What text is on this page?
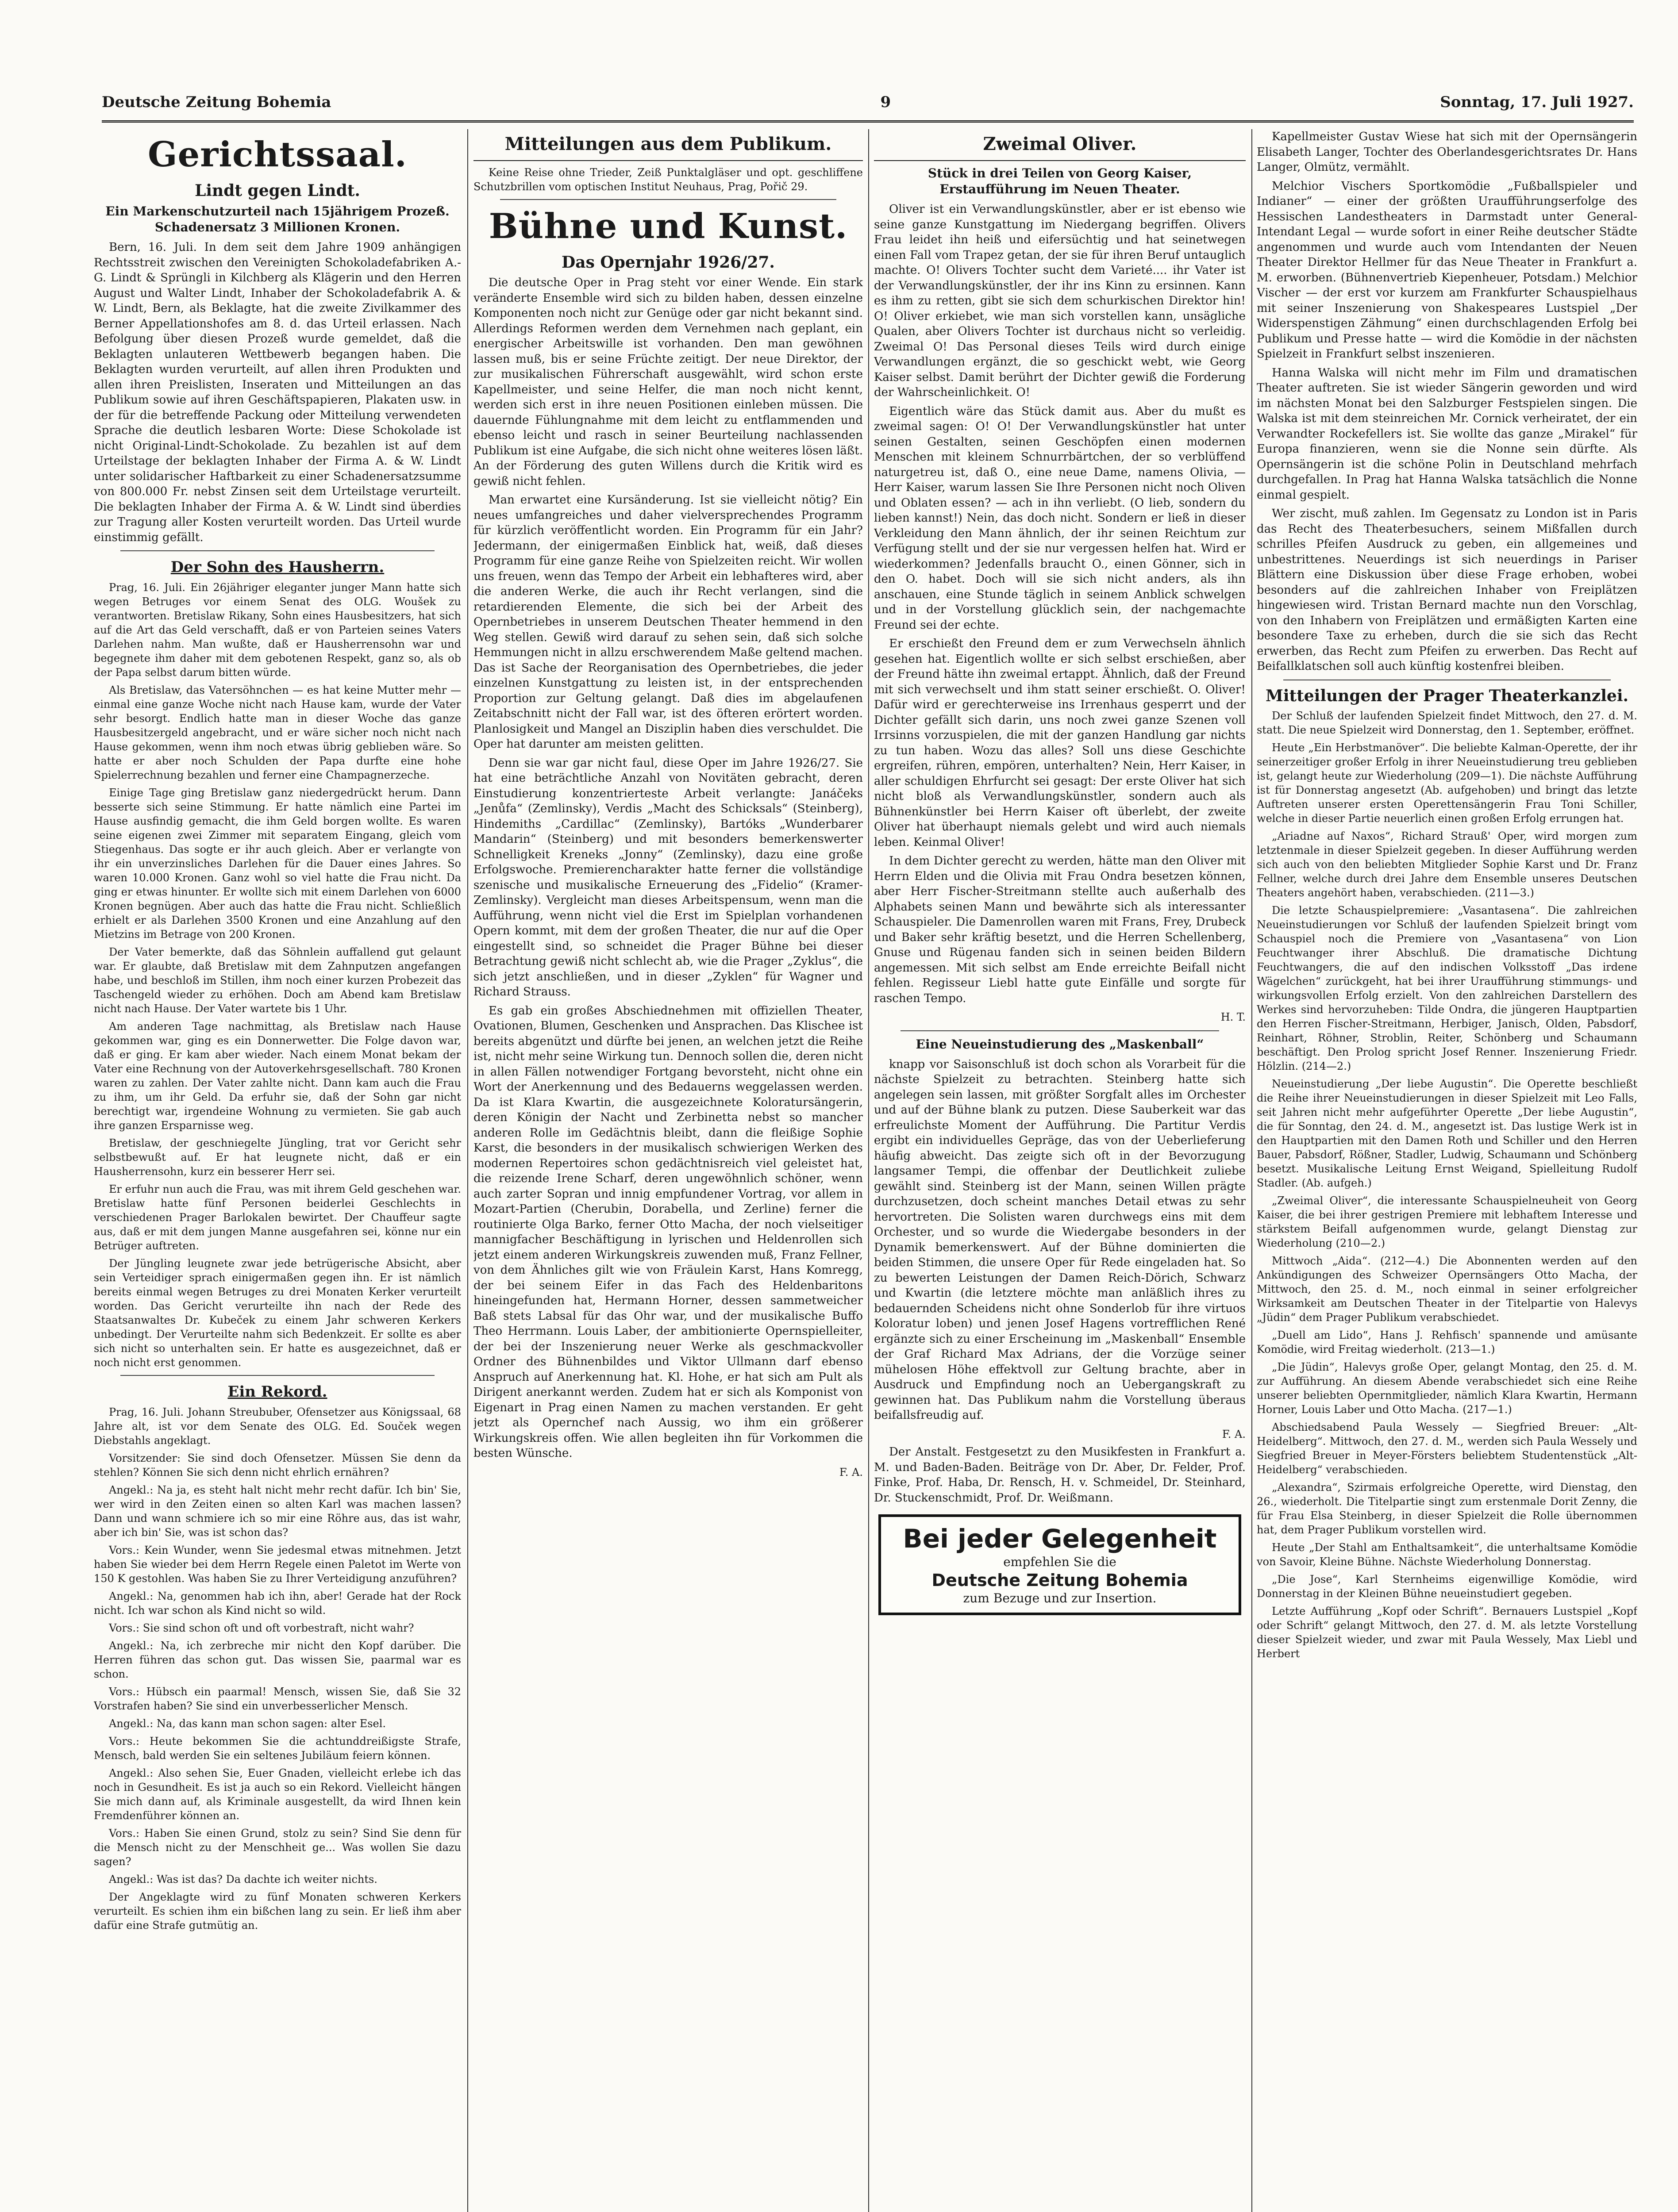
Deutsche Zeitung Bohemia	9	Sonntag, 17. Juli 1927.
Gerichtssaal.
Lindt gegen Lindt.
Ein Markenschutzurteil nach 15jährigem Prozeß. Schadenersatz 3 Millionen Kronen.

Bern, 16. Juli. In dem seit dem Jahre 1909 anhängigen Rechtsstreit zwischen den Vereinigten Schokoladefabriken A.-G. Lindt & Sprüngli in Kilchberg als Klägerin und den Herren August und Walter Lindt, Inhaber der Schokoladefabrik A. & W. Lindt, Bern, als Beklagte, hat die zweite Zivilkammer des Berner Appellationshofes am 8. d. das Urteil erlassen. Nach Befolgung über diesen Prozeß wurde gemeldet, daß die Beklagten unlauteren Wettbewerb begangen haben. Die Beklagten wurden verurteilt, auf allen ihren Produkten und allen ihren Preislisten, Inseraten und Mitteilungen an das Publikum sowie auf ihren Geschäftspapieren, Plakaten usw. in der für die betreffende Packung oder Mitteilung verwendeten Sprache die deutlich lesbaren Worte: Diese Schokolade ist nicht Original-Lindt-Schokolade. Zu bezahlen ist auf dem Urteilstage der beklagten Inhaber der Firma A. & W. Lindt unter solidarischer Haftbarkeit zu einer Schadenersatzsumme von 800.000 Fr. nebst Zinsen seit dem Urteilstage verurteilt. Die beklagten Inhaber der Firma A. & W. Lindt sind überdies zur Tragung aller Kosten verurteilt worden. Das Urteil wurde einstimmig gefällt.

Der Sohn des Hausherrn.

Prag, 16. Juli. Ein 26jähriger eleganter junger Mann hatte sich wegen Betruges vor einem Senat des OLG. Woušek zu verantworten. Bretislaw Rikany, Sohn eines Hausbesitzers, hat sich auf die Art das Geld verschafft, daß er von Parteien seines Vaters Darlehen nahm. Man wußte, daß er Hausherrensohn war und begegnete ihm daher mit dem gebotenen Respekt, ganz so, als ob der Papa selbst darum bitten würde.

Als Bretislaw, das Vatersöhnchen — es hat keine Mutter mehr — einmal eine ganze Woche nicht nach Hause kam, wurde der Vater sehr besorgt. Endlich hatte man in dieser Woche das ganze Hausbesitzergeld angebracht, und er wäre sicher noch nicht nach Hause gekommen, wenn ihm noch etwas übrig geblieben wäre. So hatte er aber noch Schulden der Papa durfte eine hohe Spielerrechnung bezahlen und ferner eine Champagnerzeche.

Einige Tage ging Bretislaw ganz niedergedrückt herum. Dann besserte sich seine Stimmung. Er hatte nämlich eine Partei im Hause ausfindig gemacht, die ihm Geld borgen wollte. Es waren seine eigenen zwei Zimmer mit separatem Eingang, gleich vom Stiegenhaus. Das sogte er ihr auch gleich. Aber er verlangte von ihr ein unverzinsliches Darlehen für die Dauer eines Jahres. So waren 10.000 Kronen. Ganz wohl so viel hatte die Frau nicht. Da ging er etwas hinunter. Er wollte sich mit einem Darlehen von 6000 Kronen begnügen. Aber auch das hatte die Frau nicht. Schließlich erhielt er als Darlehen 3500 Kronen und eine Anzahlung auf den Mietzins im Betrage von 200 Kronen.

Der Vater bemerkte, daß das Söhnlein auffallend gut gelaunt war. Er glaubte, daß Bretislaw mit dem Zahnputzen angefangen habe, und beschloß im Stillen, ihm noch einer kurzen Probezeit das Taschengeld wieder zu erhöhen. Doch am Abend kam Bretislaw nicht nach Hause. Der Vater wartete bis 1 Uhr.

Am anderen Tage nachmittag, als Bretislaw nach Hause gekommen war, ging es ein Donnerwetter. Die Folge davon war, daß er ging. Er kam aber wieder. Nach einem Monat bekam der Vater eine Rechnung von der Autoverkehrsgesellschaft. 780 Kronen waren zu zahlen. Der Vater zahlte nicht. Dann kam auch die Frau zu ihm, um ihr Geld. Da erfuhr sie, daß der Sohn gar nicht berechtigt war, irgendeine Wohnung zu vermieten. Sie gab auch ihre ganzen Ersparnisse weg.

Bretislaw, der geschniegelte Jüngling, trat vor Gericht sehr selbstbewußt auf. Er hat leugnete nicht, daß er ein Hausherrensohn, kurz ein besserer Herr sei.

Er erfuhr nun auch die Frau, was mit ihrem Geld geschehen war. Bretislaw hatte fünf Personen beiderlei Geschlechts in verschiedenen Prager Barlokalen bewirtet. Der Chauffeur sagte aus, daß er mit dem jungen Manne ausgefahren sei, könne nur ein Betrüger auftreten.

Der Jüngling leugnete zwar jede betrügerische Absicht, aber sein Verteidiger sprach einigermaßen gegen ihn. Er ist nämlich bereits einmal wegen Betruges zu drei Monaten Kerker verurteilt worden. Das Gericht verurteilte ihn nach der Rede des Staatsanwaltes Dr. Kubeček zu einem Jahr schweren Kerkers unbedingt. Der Verurteilte nahm sich Bedenkzeit. Er sollte es aber sich nicht so unterhalten sein. Er hatte es ausgezeichnet, daß er noch nicht erst genommen.

Ein Rekord.

Prag, 16. Juli. Johann Streububer, Ofensetzer aus Königssaal, 68 Jahre alt, ist vor dem Senate des OLG. Ed. Souček wegen Diebstahls angeklagt.

Vorsitzender: Sie sind doch Ofensetzer. Müssen Sie denn da stehlen? Können Sie sich denn nicht ehrlich ernähren?

Angekl.: Na ja, es steht halt nicht mehr recht dafür. Ich bin' Sie, wer wird in den Zeiten einen so alten Karl was machen lassen? Dann und wann schmiere ich so mir eine Röhre aus, das ist wahr, aber ich bin' Sie, was ist schon das?

Vors.: Kein Wunder, wenn Sie jedesmal etwas mitnehmen. Jetzt haben Sie wieder bei dem Herrn Regele einen Paletot im Werte von 150 K gestohlen. Was haben Sie zu Ihrer Verteidigung anzuführen?

Angekl.: Na, genommen hab ich ihn, aber! Gerade hat der Rock nicht. Ich war schon als Kind nicht so wild.

Vors.: Sie sind schon oft und oft vorbestraft, nicht wahr?

Angekl.: Na, ich zerbreche mir nicht den Kopf darüber. Die Herren führen das schon gut. Das wissen Sie, paarmal war es schon.

Vors.: Hübsch ein paarmal! Mensch, wissen Sie, daß Sie 32 Vorstrafen haben? Sie sind ein unverbesserlicher Mensch.

Angekl.: Na, das kann man schon sagen: alter Esel.

Vors.: Heute bekommen Sie die achtunddreißigste Strafe, Mensch, bald werden Sie ein seltenes Jubiläum feiern können.

Angekl.: Also sehen Sie, Euer Gnaden, vielleicht erlebe ich das noch in Gesundheit. Es ist ja auch so ein Rekord. Vielleicht hängen Sie mich dann auf, als Kriminale ausgestellt, da wird Ihnen kein Fremdenführer können an.

Vors.: Haben Sie einen Grund, stolz zu sein? Sind Sie denn für die Mensch nicht zu der Menschheit ge... Was wollen Sie dazu sagen?

Angekl.: Was ist das? Da dachte ich weiter nichts.

Der Angeklagte wird zu fünf Monaten schweren Kerkers verurteilt. Es schien ihm ein bißchen lang zu sein. Er ließ ihm aber dafür eine Strafe gutmütig an.

Mitteilungen aus dem Publikum.

Keine Reise ohne Trieder, Zeiß Punktalgläser und opt. geschliffene Schutzbrillen vom optischen Institut Neuhaus, Prag, Pořič 29.

Bühne und Kunst.
Das Opernjahr 1926/27.

Die deutsche Oper in Prag steht vor einer Wende. Ein stark veränderte Ensemble wird sich zu bilden haben, dessen einzelne Komponenten noch nicht zur Genüge oder gar nicht bekannt sind. Allerdings Reformen werden dem Vernehmen nach geplant, ein energischer Arbeitswille ist vorhanden. Den man gewöhnen lassen muß, bis er seine Früchte zeitigt. Der neue Direktor, der zur musikalischen Führerschaft ausgewählt, wird schon erste Kapellmeister, und seine Helfer, die man noch nicht kennt, werden sich erst in ihre neuen Positionen einleben müssen. Die dauernde Fühlungnahme mit dem leicht zu entflammenden und ebenso leicht und rasch in seiner Beurteilung nachlassenden Publikum ist eine Aufgabe, die sich nicht ohne weiteres lösen läßt. An der Förderung des guten Willens durch die Kritik wird es gewiß nicht fehlen.

Man erwartet eine Kursänderung. Ist sie vielleicht nötig? Ein neues umfangreiches und daher vielversprechendes Programm für kürzlich veröffentlicht worden. Ein Programm für ein Jahr? Jedermann, der einigermaßen Einblick hat, weiß, daß dieses Programm für eine ganze Reihe von Spielzeiten reicht. Wir wollen uns freuen, wenn das Tempo der Arbeit ein lebhafteres wird, aber die anderen Werke, die auch ihr Recht verlangen, sind die retardierenden Elemente, die sich bei der Arbeit des Opernbetriebes in unserem Deutschen Theater hemmend in den Weg stellen. Gewiß wird darauf zu sehen sein, daß sich solche Hemmungen nicht in allzu erschwerendem Maße geltend machen. Das ist Sache der Reorganisation des Opernbetriebes, die jeder einzelnen Kunstgattung zu leisten ist, in der entsprechenden Proportion zur Geltung gelangt. Daß dies im abgelaufenen Zeitabschnitt nicht der Fall war, ist des öfteren erörtert worden. Planlosigkeit und Mangel an Disziplin haben dies verschuldet. Die Oper hat darunter am meisten gelitten.

Denn sie war gar nicht faul, diese Oper im Jahre 1926/27. Sie hat eine beträchtliche Anzahl von Novitäten gebracht, deren Einstudierung konzentrierteste Arbeit verlangte: Janáčeks „Jenůfa“ (Zemlinsky), Verdis „Macht des Schicksals“ (Steinberg), Hindemiths „Cardillac“ (Zemlinsky), Bartóks „Wunderbarer Mandarin“ (Steinberg) und mit besonders bemerkenswerter Schnelligkeit Kreneks „Jonny“ (Zemlinsky), dazu eine große Erfolgswoche. Premierencharakter hatte ferner die vollständige szenische und musikalische Erneuerung des „Fidelio“ (Kramer-Zemlinsky). Vergleicht man dieses Arbeitspensum, wenn man die Aufführung, wenn nicht viel die Erst im Spielplan vorhandenen Opern kommt, mit dem der großen Theater, die nur auf die Oper eingestellt sind, so schneidet die Prager Bühne bei dieser Betrachtung gewiß nicht schlecht ab, wie die Prager „Zyklus“, die sich jetzt anschließen, und in dieser „Zyklen“ für Wagner und Richard Strauss.

Es gab ein großes Abschiednehmen mit offiziellen Theater, Ovationen, Blumen, Geschenken und Ansprachen. Das Klischee ist bereits abgenützt und dürfte bei jenen, an welchen jetzt die Reihe ist, nicht mehr seine Wirkung tun. Dennoch sollen die, deren nicht in allen Fällen notwendiger Fortgang bevorsteht, nicht ohne ein Wort der Anerkennung und des Bedauerns weggelassen werden. Da ist Klara Kwartin, die ausgezeichnete Koloratursängerin, deren Königin der Nacht und Zerbinetta nebst so mancher anderen Rolle im Gedächtnis bleibt, dann die fleißige Sophie Karst, die besonders in der musikalisch schwierigen Werken des modernen Repertoires schon gedächtnisreich viel geleistet hat, die reizende Irene Scharf, deren ungewöhnlich schöner, wenn auch zarter Sopran und innig empfundener Vortrag, vor allem in Mozart-Partien (Cherubin, Dorabella, und Zerline) ferner die routinierte Olga Barko, ferner Otto Macha, der noch vielseitiger mannigfacher Beschäftigung in lyrischen und Heldenrollen sich jetzt einem anderen Wirkungskreis zuwenden muß, Franz Fellner, von dem Ähnliches gilt wie von Fräulein Karst, Hans Komregg, der bei seinem Eifer in das Fach des Heldenbaritons hineingefunden hat, Hermann Horner, dessen sammetweicher Baß stets Labsal für das Ohr war, und der musikalische Buffo Theo Herrmann. Louis Laber, der ambitionierte Opernspielleiter, der bei der Inszenierung neuer Werke als geschmackvoller Ordner des Bühnenbildes und Viktor Ullmann darf ebenso Anspruch auf Anerkennung hat. Kl. Hohe, er hat sich am Pult als Dirigent anerkannt werden. Zudem hat er sich als Komponist von Eigenart in Prag einen Namen zu machen verstanden. Er geht jetzt als Opernchef nach Aussig, wo ihm ein größerer Wirkungskreis offen. Wie allen begleiten ihn für Vorkommen die besten Wünsche.

F. A.
Zweimal Oliver.
Stück in drei Teilen von Georg Kaiser, Erstaufführung im Neuen Theater.

Oliver ist ein Verwandlungskünstler, aber er ist ebenso wie seine ganze Kunstgattung im Niedergang begriffen. Olivers Frau leidet ihn heiß und eifersüchtig und hat seinetwegen einen Fall vom Trapez getan, der sie für ihren Beruf untauglich machte. O! Olivers Tochter sucht dem Varieté.... ihr Vater ist der Verwandlungskünstler, der ihr ins Kinn zu ersinnen. Kann es ihm zu retten, gibt sie sich dem schurkischen Direktor hin! O! Oliver erkiebet, wie man sich vorstellen kann, unsägliche Qualen, aber Olivers Tochter ist durchaus nicht so verleidig. Zweimal O! Das Personal dieses Teils wird durch einige Verwandlungen ergänzt, die so geschickt webt, wie Georg Kaiser selbst. Damit berührt der Dichter gewiß die Forderung der Wahrscheinlichkeit. O!

Eigentlich wäre das Stück damit aus. Aber du mußt es zweimal sagen: O! O! Der Verwandlungskünstler hat unter seinen Gestalten, seinen Geschöpfen einen modernen Menschen mit kleinem Schnurrbärtchen, der so verblüffend naturgetreu ist, daß O., eine neue Dame, namens Olivia, — Herr Kaiser, warum lassen Sie Ihre Personen nicht noch Oliven und Oblaten essen? — ach in ihn verliebt. (O lieb, sondern du lieben kannst!) Nein, das doch nicht. Sondern er ließ in dieser Verkleidung den Mann ähnlich, der ihr seinen Reichtum zur Verfügung stellt und der sie nur vergessen helfen hat. Wird er wiederkommen? Jedenfalls braucht O., einen Gönner, sich in den O. habet. Doch will sie sich nicht anders, als ihn anschauen, eine Stunde täglich in seinem Anblick schwelgen und in der Vorstellung glücklich sein, der nachgemachte Freund sei der echte.

Er erschießt den Freund dem er zum Verwechseln ähnlich gesehen hat. Eigentlich wollte er sich selbst erschießen, aber der Freund hätte ihn zweimal ertappt. Ähnlich, daß der Freund mit sich verwechselt und ihm statt seiner erschießt. O. Oliver! Dafür wird er gerechterweise ins Irrenhaus gesperrt und der Dichter gefällt sich darin, uns noch zwei ganze Szenen voll Irrsinns vorzuspielen, die mit der ganzen Handlung gar nichts zu tun haben. Wozu das alles? Soll uns diese Geschichte ergreifen, rühren, empören, unterhalten? Nein, Herr Kaiser, in aller schuldigen Ehrfurcht sei gesagt: Der erste Oliver hat sich nicht bloß als Verwandlungskünstler, sondern auch als Bühnenkünstler bei Herrn Kaiser oft überlebt, der zweite Oliver hat überhaupt niemals gelebt und wird auch niemals leben. Keinmal Oliver!

In dem Dichter gerecht zu werden, hätte man den Oliver mit Herrn Elden und die Olivia mit Frau Ondra besetzen können, aber Herr Fischer-Streitmann stellte auch außerhalb des Alphabets seinen Mann und bewährte sich als interessanter Schauspieler. Die Damenrollen waren mit Frans, Frey, Drubeck und Baker sehr kräftig besetzt, und die Herren Schellenberg, Gnuse und Rügenau fanden sich in seinen beiden Bildern angemessen. Mit sich selbst am Ende erreichte Beifall nicht fehlen. Regisseur Liebl hatte gute Einfälle und sorgte für raschen Tempo.

H. T.
Eine Neueinstudierung des „Maskenball“

knapp vor Saisonschluß ist doch schon als Vorarbeit für die nächste Spielzeit zu betrachten. Steinberg hatte sich angelegen sein lassen, mit größter Sorgfalt alles im Orchester und auf der Bühne blank zu putzen. Diese Sauberkeit war das erfreulichste Moment der Aufführung. Die Partitur Verdis ergibt ein individuelles Gepräge, das von der Ueberlieferung häufig abweicht. Das zeigte sich oft in der Bevorzugung langsamer Tempi, die offenbar der Deutlichkeit zuliebe gewählt sind. Steinberg ist der Mann, seinen Willen prägte durchzusetzen, doch scheint manches Detail etwas zu sehr hervortreten. Die Solisten waren durchwegs eins mit dem Orchester, und so wurde die Wiedergabe besonders in der Dynamik bemerkenswert. Auf der Bühne dominierten die beiden Stimmen, die unsere Oper für Rede eingeladen hat. So zu bewerten Leistungen der Damen Reich-Dörich, Schwarz und Kwartin (die letztere möchte man anläßlich ihres zu bedauernden Scheidens nicht ohne Sonderlob für ihre virtuos Koloratur loben) und jenen Josef Hagens vortrefflichen René ergänzte sich zu einer Erscheinung im „Maskenball“ Ensemble der Graf Richard Max Adrians, der die Vorzüge seiner mühelosen Höhe effektvoll zur Geltung brachte, aber in Ausdruck und Empfindung noch an Uebergangskraft zu gewinnen hat. Das Publikum nahm die Vorstellung überaus beifallsfreudig auf.

F. A.

Der Anstalt. Festgesetzt zu den Musikfesten in Frankfurt a. M. und Baden-Baden. Beiträge von Dr. Aber, Dr. Felder, Prof. Finke, Prof. Haba, Dr. Rensch, H. v. Schmeidel, Dr. Steinhard, Dr. Stuckenschmidt, Prof. Dr. Weißmann.

Bei jeder Gelegenheit
empfehlen Sie die
Deutsche Zeitung Bohemia
zum Bezuge und zur Insertion.

Kapellmeister Gustav Wiese hat sich mit der Opernsängerin Elisabeth Langer, Tochter des Oberlandesgerichtsrates Dr. Hans Langer, Olmütz, vermählt.

Melchior Vischers Sportkomödie „Fußballspieler und Indianer“ — einer der größten Uraufführungserfolge des Hessischen Landestheaters in Darmstadt unter General-Intendant Legal — wurde sofort in einer Reihe deutscher Städte angenommen und wurde auch vom Intendanten der Neuen Theater Direktor Hellmer für das Neue Theater in Frankfurt a. M. erworben. (Bühnenvertrieb Kiepenheuer, Potsdam.) Melchior Vischer — der erst vor kurzem am Frankfurter Schauspielhaus mit seiner Inszenierung von Shakespeares Lustspiel „Der Widerspenstigen Zähmung“ einen durchschlagenden Erfolg bei Publikum und Presse hatte — wird die Komödie in der nächsten Spielzeit in Frankfurt selbst inszenieren.

Hanna Walska will nicht mehr im Film und dramatischen Theater auftreten. Sie ist wieder Sängerin geworden und wird im nächsten Monat bei den Salzburger Festspielen singen. Die Walska ist mit dem steinreichen Mr. Cornick verheiratet, der ein Verwandter Rockefellers ist. Sie wollte das ganze „Mirakel“ für Europa finanzieren, wenn sie die Nonne sein dürfte. Als Opernsängerin ist die schöne Polin in Deutschland mehrfach durchgefallen. In Prag hat Hanna Walska tatsächlich die Nonne einmal gespielt.

Wer zischt, muß zahlen. Im Gegensatz zu London ist in Paris das Recht des Theaterbesuchers, seinem Mißfallen durch schrilles Pfeifen Ausdruck zu geben, ein allgemeines und unbestrittenes. Neuerdings ist sich neuerdings in Pariser Blättern eine Diskussion über diese Frage erhoben, wobei besonders auf die zahlreichen Inhaber von Freiplätzen hingewiesen wird. Tristan Bernard machte nun den Vorschlag, von den Inhabern von Freiplätzen und ermäßigten Karten eine besondere Taxe zu erheben, durch die sie sich das Recht erwerben, das Recht zum Pfeifen zu erwerben. Das Recht auf Beifallklatschen soll auch künftig kostenfrei bleiben.

Mitteilungen der Prager Theaterkanzlei.

Der Schluß der laufenden Spielzeit findet Mittwoch, den 27. d. M. statt. Die neue Spielzeit wird Donnerstag, den 1. September, eröffnet.

Heute „Ein Herbstmanöver“. Die beliebte Kalman-Operette, der ihr seinerzeitiger großer Erfolg in ihrer Neueinstudierung treu geblieben ist, gelangt heute zur Wiederholung (209—1). Die nächste Aufführung ist für Donnerstag angesetzt (Ab. aufgehoben) und bringt das letzte Auftreten unserer ersten Operettensängerin Frau Toni Schiller, welche in dieser Partie neuerlich einen großen Erfolg errungen hat.

„Ariadne auf Naxos“, Richard Strauß' Oper, wird morgen zum letztenmale in dieser Spielzeit gegeben. In dieser Aufführung werden sich auch von den beliebten Mitglieder Sophie Karst und Dr. Franz Fellner, welche durch drei Jahre dem Ensemble unseres Deutschen Theaters angehört haben, verabschieden. (211—3.)

Die letzte Schauspielpremiere: „Vasantasena“. Die zahlreichen Neueinstudierungen vor Schluß der laufenden Spielzeit bringt vom Schauspiel noch die Premiere von „Vasantasena“ von Lion Feuchtwanger ihrer Abschluß. Die dramatische Dichtung Feuchtwangers, die auf den indischen Volksstoff „Das irdene Wägelchen“ zurückgeht, hat bei ihrer Uraufführung stimmungs- und wirkungsvollen Erfolg erzielt. Von den zahlreichen Darstellern des Werkes sind hervorzuheben: Tilde Ondra, die jüngeren Hauptpartien den Herren Fischer-Streitmann, Herbiger, Janisch, Olden, Pabsdorf, Reinhart, Röhner, Stroblin, Reiter, Schönberg und Schaumann beschäftigt. Den Prolog spricht Josef Renner. Inszenierung Friedr. Hölzlin. (214—2.)

Neueinstudierung „Der liebe Augustin“. Die Operette beschließt die Reihe ihrer Neueinstudierungen in dieser Spielzeit mit Leo Falls, seit Jahren nicht mehr aufgeführter Operette „Der liebe Augustin“, die für Sonntag, den 24. d. M., angesetzt ist. Das lustige Werk ist in den Hauptpartien mit den Damen Roth und Schiller und den Herren Bauer, Pabsdorf, Rößner, Stadler, Ludwig, Schaumann und Schönberg besetzt. Musikalische Leitung Ernst Weigand, Spielleitung Rudolf Stadler. (Ab. aufgeh.)

„Zweimal Oliver“, die interessante Schauspielneuheit von Georg Kaiser, die bei ihrer gestrigen Premiere mit lebhaftem Interesse und stärkstem Beifall aufgenommen wurde, gelangt Dienstag zur Wiederholung (210—2.)

Mittwoch „Aida“. (212—4.) Die Abonnenten werden auf den Ankündigungen des Schweizer Opernsängers Otto Macha, der Mittwoch, den 25. d. M., noch einmal in seiner erfolgreicher Wirksamkeit am Deutschen Theater in der Titelpartie von Halevys „Jüdin“ dem Prager Publikum verabschiedet.

„Duell am Lido“, Hans J. Rehfisch' spannende und amüsante Komödie, wird Freitag wiederholt. (213—1.)

„Die Jüdin“, Halevys große Oper, gelangt Montag, den 25. d. M. zur Aufführung. An diesem Abende verabschiedet sich eine Reihe unserer beliebten Opernmitglieder, nämlich Klara Kwartin, Hermann Horner, Louis Laber und Otto Macha. (217—1.)

Abschiedsabend Paula Wessely — Siegfried Breuer: „Alt-Heidelberg“. Mittwoch, den 27. d. M., werden sich Paula Wessely und Siegfried Breuer in Meyer-Försters beliebtem Studentenstück „Alt-Heidelberg“ verabschieden.

„Alexandra“, Szirmais erfolgreiche Operette, wird Dienstag, den 26., wiederholt. Die Titelpartie singt zum erstenmale Dorit Zenny, die für Frau Elsa Steinberg, in dieser Spielzeit die Rolle übernommen hat, dem Prager Publikum vorstellen wird.

Heute „Der Stahl am Enthaltsamkeit“, die unterhaltsame Komödie von Savoir, Kleine Bühne. Nächste Wiederholung Donnerstag.

„Die Jose“, Karl Sternheims eigenwillige Komödie, wird Donnerstag in der Kleinen Bühne neueinstudiert gegeben.

Letzte Aufführung „Kopf oder Schrift“. Bernauers Lustspiel „Kopf oder Schrift“ gelangt Mittwoch, den 27. d. M. als letzte Vorstellung dieser Spielzeit wieder, und zwar mit Paula Wessely, Max Liebl und Herbert
